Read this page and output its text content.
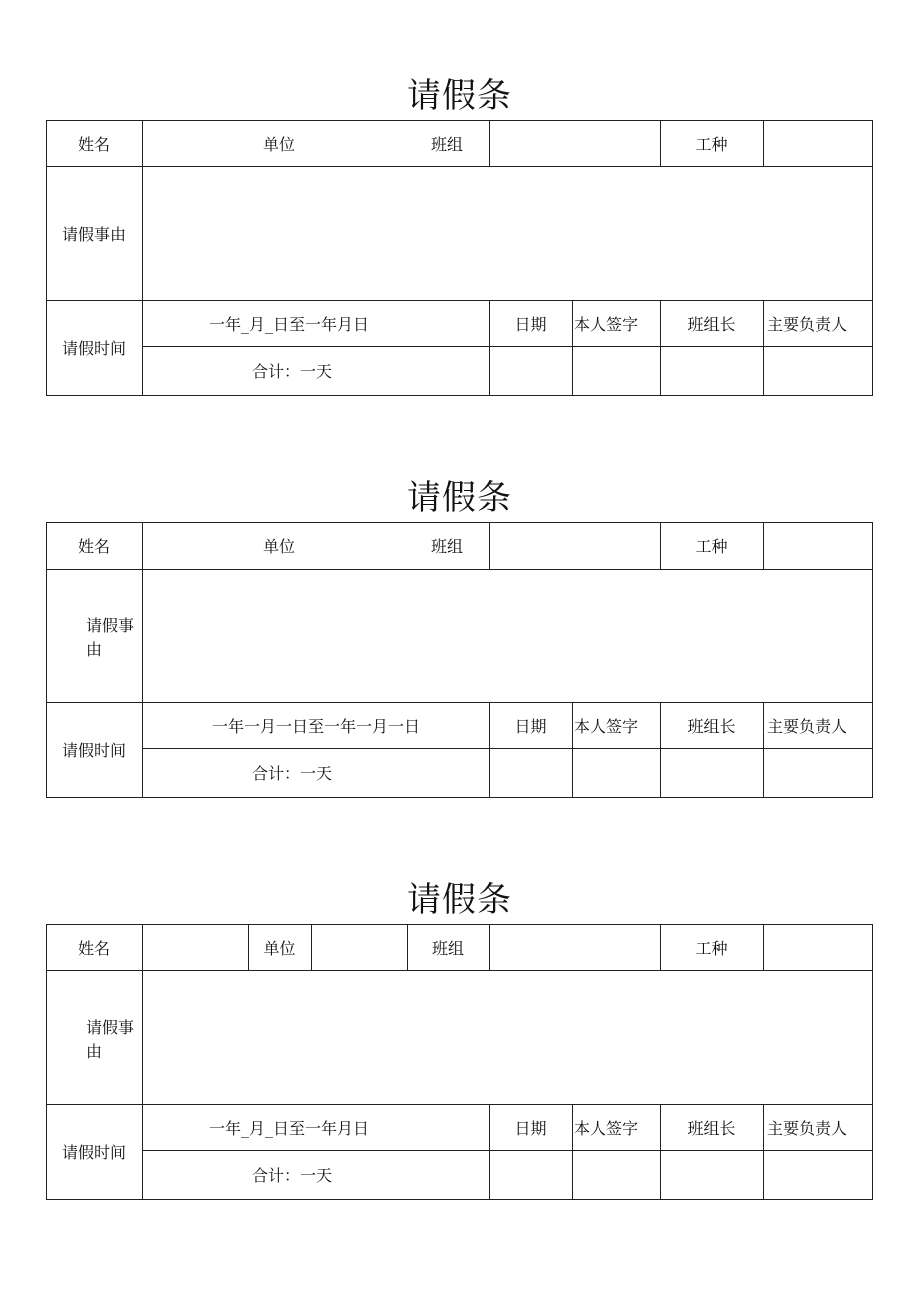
请假条
姓名	单位	班组	工种
请假事由
请假时间
一年_月_日至一年月日	日期	本人签字	班组长	主要负责人
合计：一天
请假条
姓名	单位	班组	工种
请假事
由
请假时间
一年一月一日至一年一月一日	日期	本人签字	班组长	主要负责人
合计：一天
请假条
姓名	单位	班组	工种
请假事
由
请假时间
一年_月_日至一年月日	日期	本人签字	班组长	主要负责人
合计：一天
